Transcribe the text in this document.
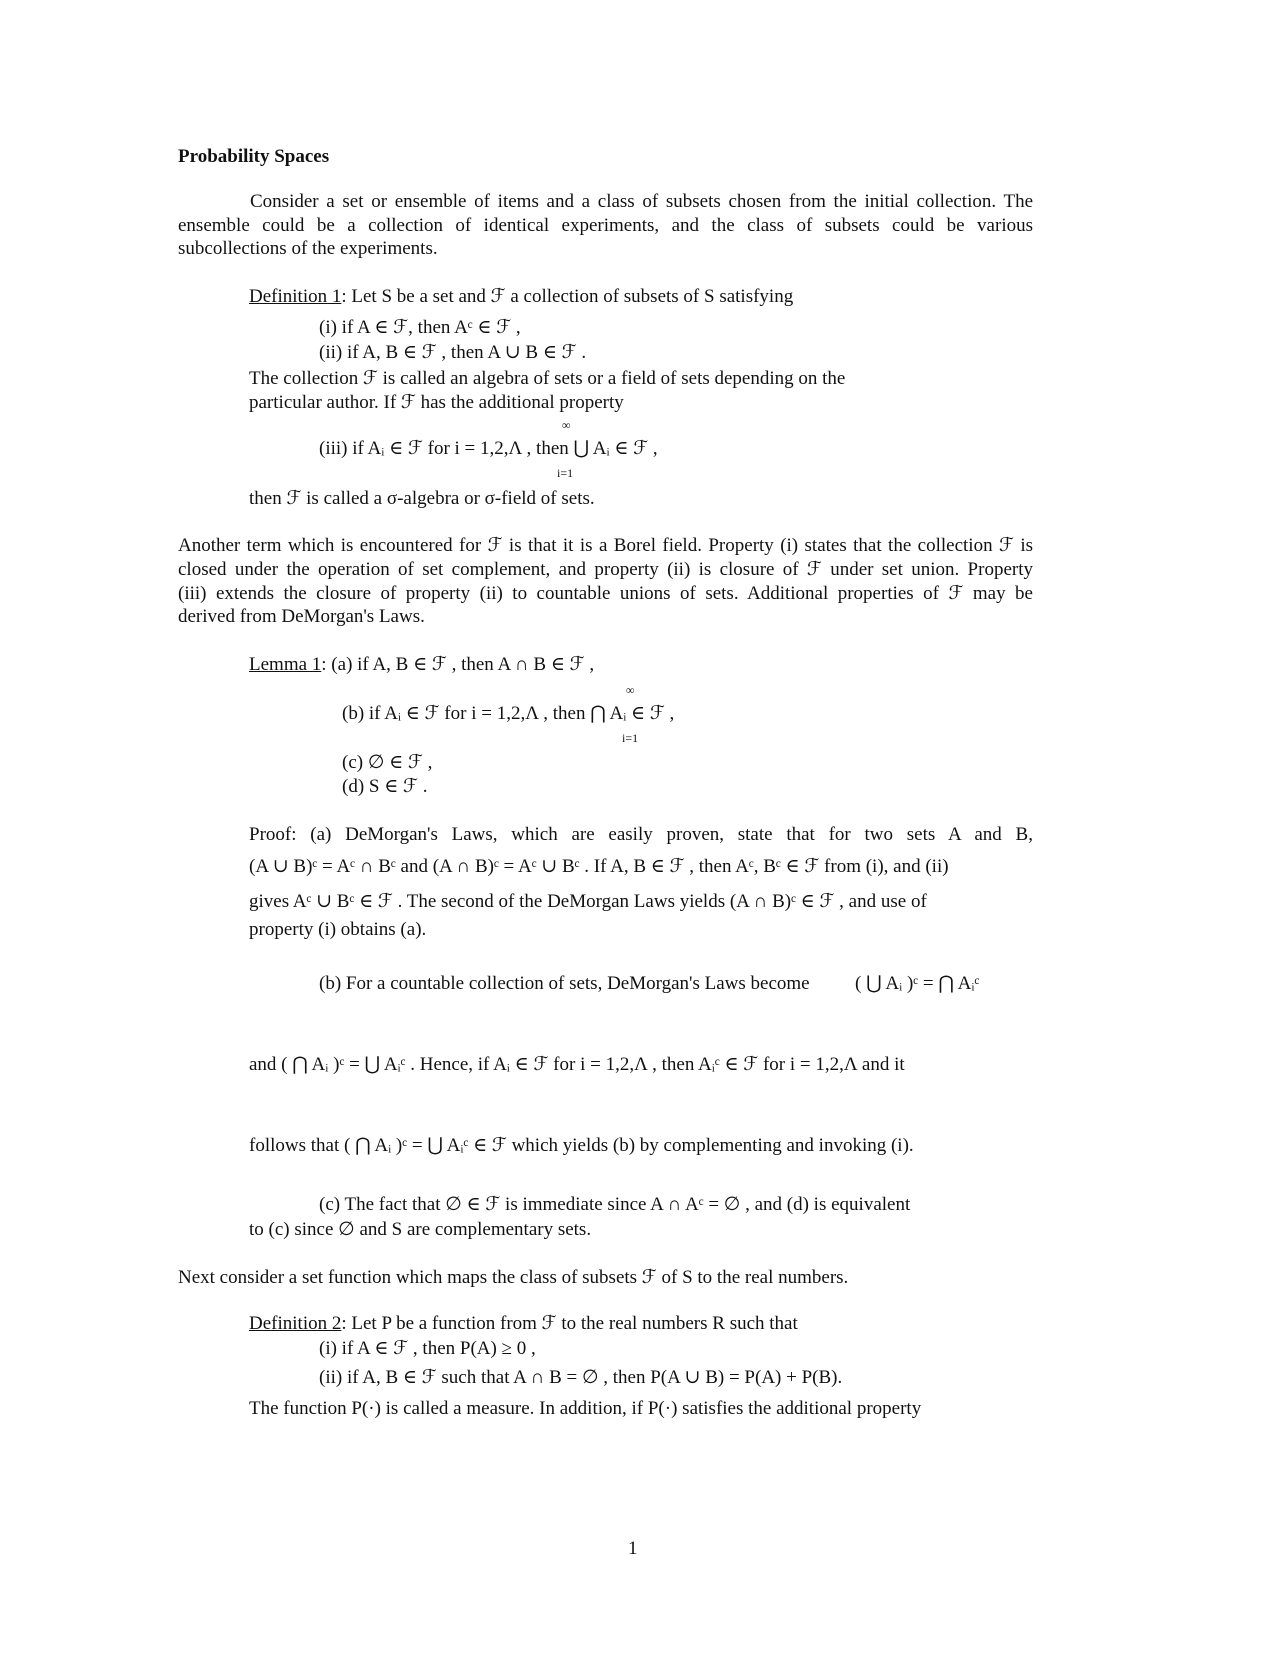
Probability Spaces
Consider a set or ensemble of items and a class of subsets chosen from the initial collection. The
ensemble could be a collection of identical experiments, and the class of subsets could be various
subcollections of the experiments.
Definition 1: Let S be a set and ℱ a collection of subsets of S satisfying
(i) if A ∈ ℱ, then Aᶜ ∈ ℱ ,
(ii) if A, B ∈ ℱ , then A ∪ B ∈ ℱ .
The collection ℱ is called an algebra of sets or a field of sets depending on the
particular author. If ℱ has the additional property
∞
(iii) if Aᵢ ∈ ℱ for i = 1,2,Λ , then ⋃ Aᵢ ∈ ℱ ,
i=1
then ℱ is called a σ-algebra or σ-field of sets.
Another term which is encountered for ℱ is that it is a Borel field. Property (i) states that the collection ℱ is
closed under the operation of set complement, and property (ii) is closure of ℱ under set union. Property
(iii) extends the closure of property (ii) to countable unions of sets. Additional properties of ℱ may be
derived from DeMorgan's Laws.
Lemma 1: (a) if A, B ∈ ℱ , then A ∩ B ∈ ℱ ,
∞
(b) if Aᵢ ∈ ℱ for i = 1,2,Λ , then ⋂ Aᵢ ∈ ℱ ,
i=1
(c) ∅ ∈ ℱ ,
(d) S ∈ ℱ .
Proof: (a) DeMorgan's Laws, which are easily proven, state that for two sets A and B,
(A ∪ B)ᶜ = Aᶜ ∩ Bᶜ and (A ∩ B)ᶜ = Aᶜ ∪ Bᶜ . If A, B ∈ ℱ , then Aᶜ, Bᶜ ∈ ℱ from (i), and (ii)
gives Aᶜ ∪ Bᶜ ∈ ℱ . The second of the DeMorgan Laws yields (A ∩ B)ᶜ ∈ ℱ , and use of
property (i) obtains (a).
(b) For a countable collection of sets, DeMorgan's Laws become ( ⋃ Aᵢ )ᶜ = ⋂ Aᵢᶜ
and ( ⋂ Aᵢ )ᶜ = ⋃ Aᵢᶜ . Hence, if Aᵢ ∈ ℱ for i = 1,2,Λ , then Aᵢᶜ ∈ ℱ for i = 1,2,Λ and it
follows that ( ⋂ Aᵢ )ᶜ = ⋃ Aᵢᶜ ∈ ℱ which yields (b) by complementing and invoking (i).
(c) The fact that ∅ ∈ ℱ is immediate since A ∩ Aᶜ = ∅ , and (d) is equivalent
to (c) since ∅ and S are complementary sets.
Next consider a set function which maps the class of subsets ℱ of S to the real numbers.
Definition 2: Let P be a function from ℱ to the real numbers R such that
(i) if A ∈ ℱ , then P(A) ≥ 0 ,
(ii) if A, B ∈ ℱ such that A ∩ B = ∅ , then P(A ∪ B) = P(A) + P(B).
The function P(·) is called a measure. In addition, if P(·) satisfies the additional property
1
